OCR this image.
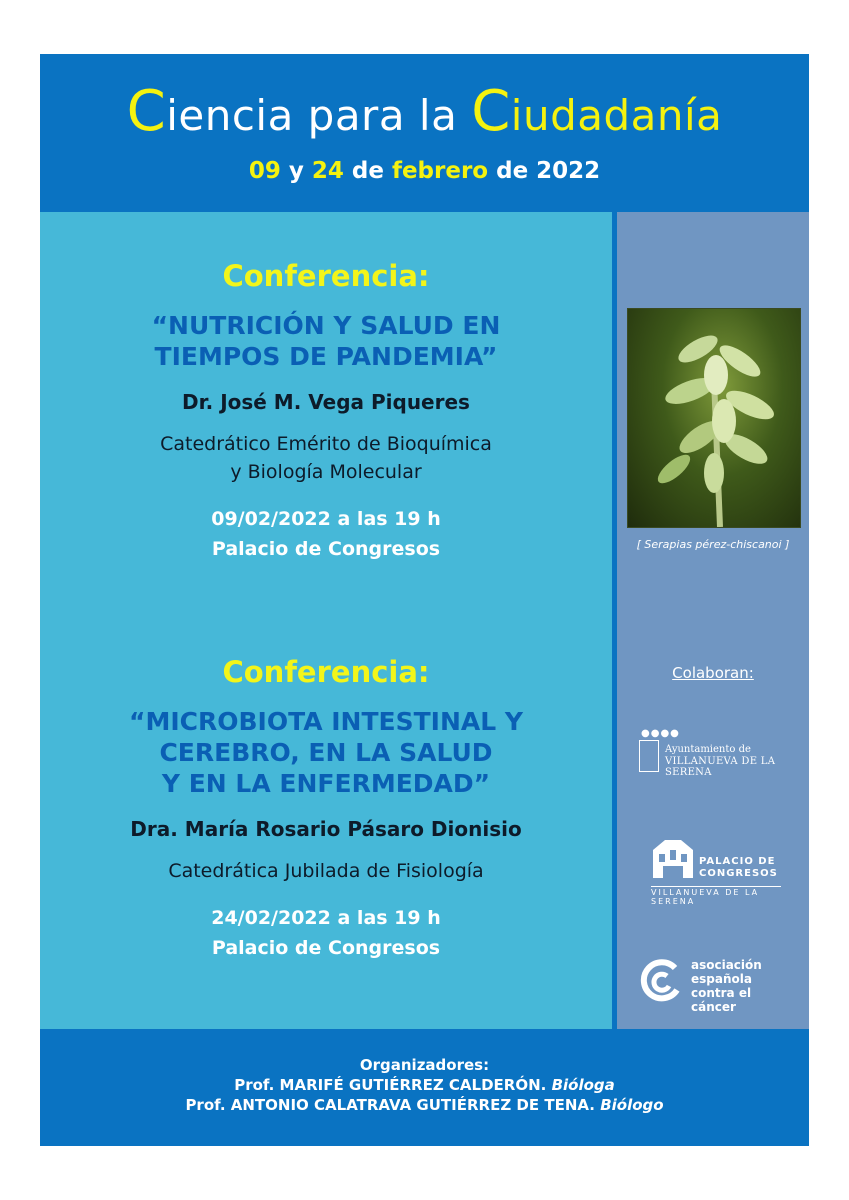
Ciencia para la Ciudadanía
09 y 24 de febrero de 2022
Conferencia:
“NUTRICIÓN Y SALUD EN
TIEMPOS DE PANDEMIA”
Dr. José M. Vega Piqueres
Catedrático Emérito de Bioquímica
y Biología Molecular
09/02/2022 a las 19 h
Palacio de Congresos
Conferencia:
“MICROBIOTA INTESTINAL Y
CEREBRO, EN LA SALUD
Y EN LA ENFERMEDAD”
Dra. María Rosario Pásaro Dionisio
Catedrática Jubilada de Fisiología
24/02/2022 a las 19 h
Palacio de Congresos
[ Serapias pérez-chiscanoi ]
Colaboran:
●●●●
Ayuntamiento de
VILLANUEVA DE LA SERENA
PALACIO DE
CONGRESOS
VILLANUEVA DE LA SERENA
asociación
española
contra el cáncer
Organizadores:
Prof. MARIFÉ GUTIÉRREZ CALDERÓN. Bióloga
Prof. ANTONIO CALATRAVA GUTIÉRREZ DE TENA. Biólogo
